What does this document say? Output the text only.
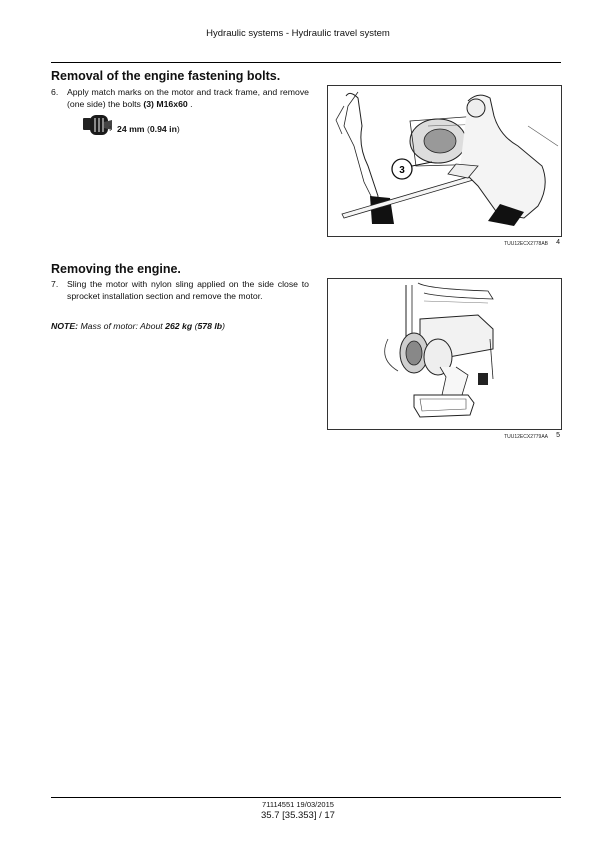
Hydraulic systems - Hydraulic travel system
Removal of the engine fastening bolts.
6. Apply match marks on the motor and track frame, and remove (one side) the bolts (3) M16x60 .
: 24 mm (0.94 in)
3
TUU12ECX2778AB 4
Removing the engine.
7. Sling the motor with nylon sling applied on the side close to sprocket installation section and remove the motor.
NOTE: Mass of motor: About 262 kg (578 lb)
TUU12ECX2779AA 5
71114551 19/03/2015
35.7 [35.353] / 17
